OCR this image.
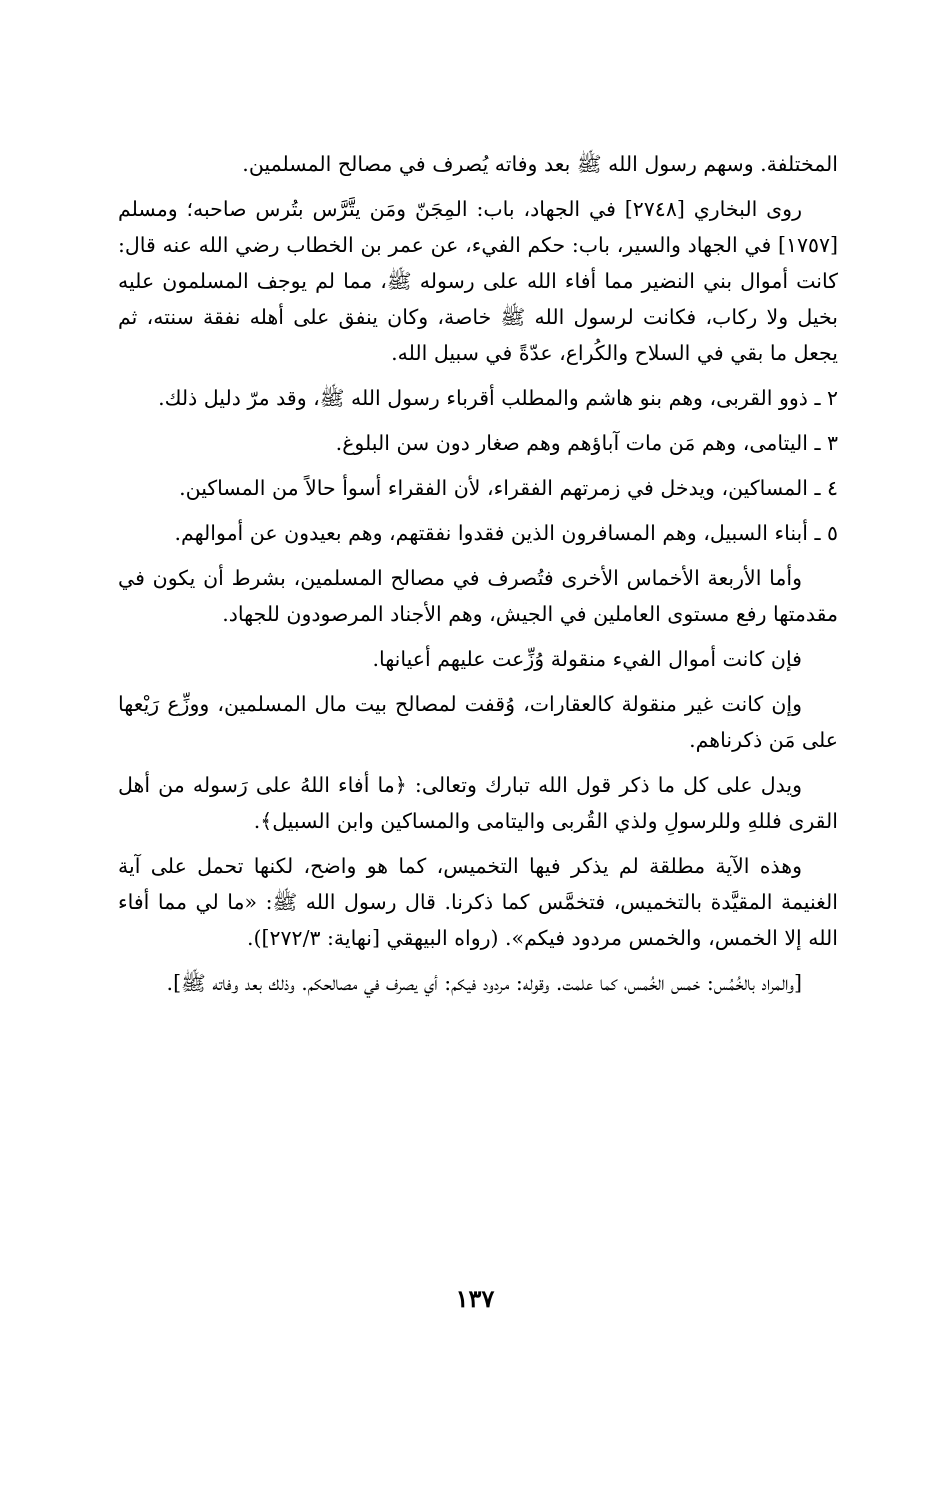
المختلفة. وسهم رسول الله ﷺ بعد وفاته يُصرف في مصالح المسلمين.

روى البخاري [٢٧٤٨] في الجهاد، باب: المِجَنّ ومَن يتَّرَّس بتُرس صاحبه؛ ومسلم [١٧٥٧] في الجهاد والسير، باب: حكم الفيء، عن عمر بن الخطاب رضي الله عنه قال: كانت أموال بني النضير مما أفاء الله على رسوله ﷺ، مما لم يوجف المسلمون عليه بخيل ولا ركاب، فكانت لرسول الله ﷺ خاصة، وكان ينفق على أهله نفقة سنته، ثم يجعل ما بقي في السلاح والكُراع، عدّةً في سبيل الله.

٢ ـ ذوو القربى، وهم بنو هاشم والمطلب أقرباء رسول الله ﷺ، وقد مرّ دليل ذلك.

٣ ـ اليتامى، وهم مَن مات آباؤهم وهم صغار دون سن البلوغ.

٤ ـ المساكين، ويدخل في زمرتهم الفقراء، لأن الفقراء أسوأ حالاً من المساكين.

٥ ـ أبناء السبيل، وهم المسافرون الذين فقدوا نفقتهم، وهم بعيدون عن أموالهم.

وأما الأربعة الأخماس الأخرى فتُصرف في مصالح المسلمين، بشرط أن يكون في مقدمتها رفع مستوى العاملين في الجيش، وهم الأجناد المرصودون للجهاد.

فإن كانت أموال الفيء منقولة وُزِّعت عليهم أعيانها.

وإن كانت غير منقولة كالعقارات، وُقفت لمصالح بيت مال المسلمين، ووزِّع رَيْعها على مَن ذكرناهم.

ويدل على كل ما ذكر قول الله تبارك وتعالى: ﴿ما أفاء اللهُ على رَسوله من أهل القرى فللهِ وللرسولِ ولذي القُربى واليتامى والمساكين وابن السبيل﴾.

وهذه الآية مطلقة لم يذكر فيها التخميس، كما هو واضح، لكنها تحمل على آية الغنيمة المقيَّدة بالتخميس، فتخمَّس كما ذكرنا. قال رسول الله ﷺ: «ما لي مما أفاء الله إلا الخمس، والخمس مردود فيكم». (رواه البيهقي [نهاية: ٢٧٢/٣]).

[والمراد بالخُمُس: خمس الخُمس، كما علمت. وقوله: مردود فيكم: أي يصرف في مصالحكم. وذلك بعد وفاته ﷺ].

١٣٧
